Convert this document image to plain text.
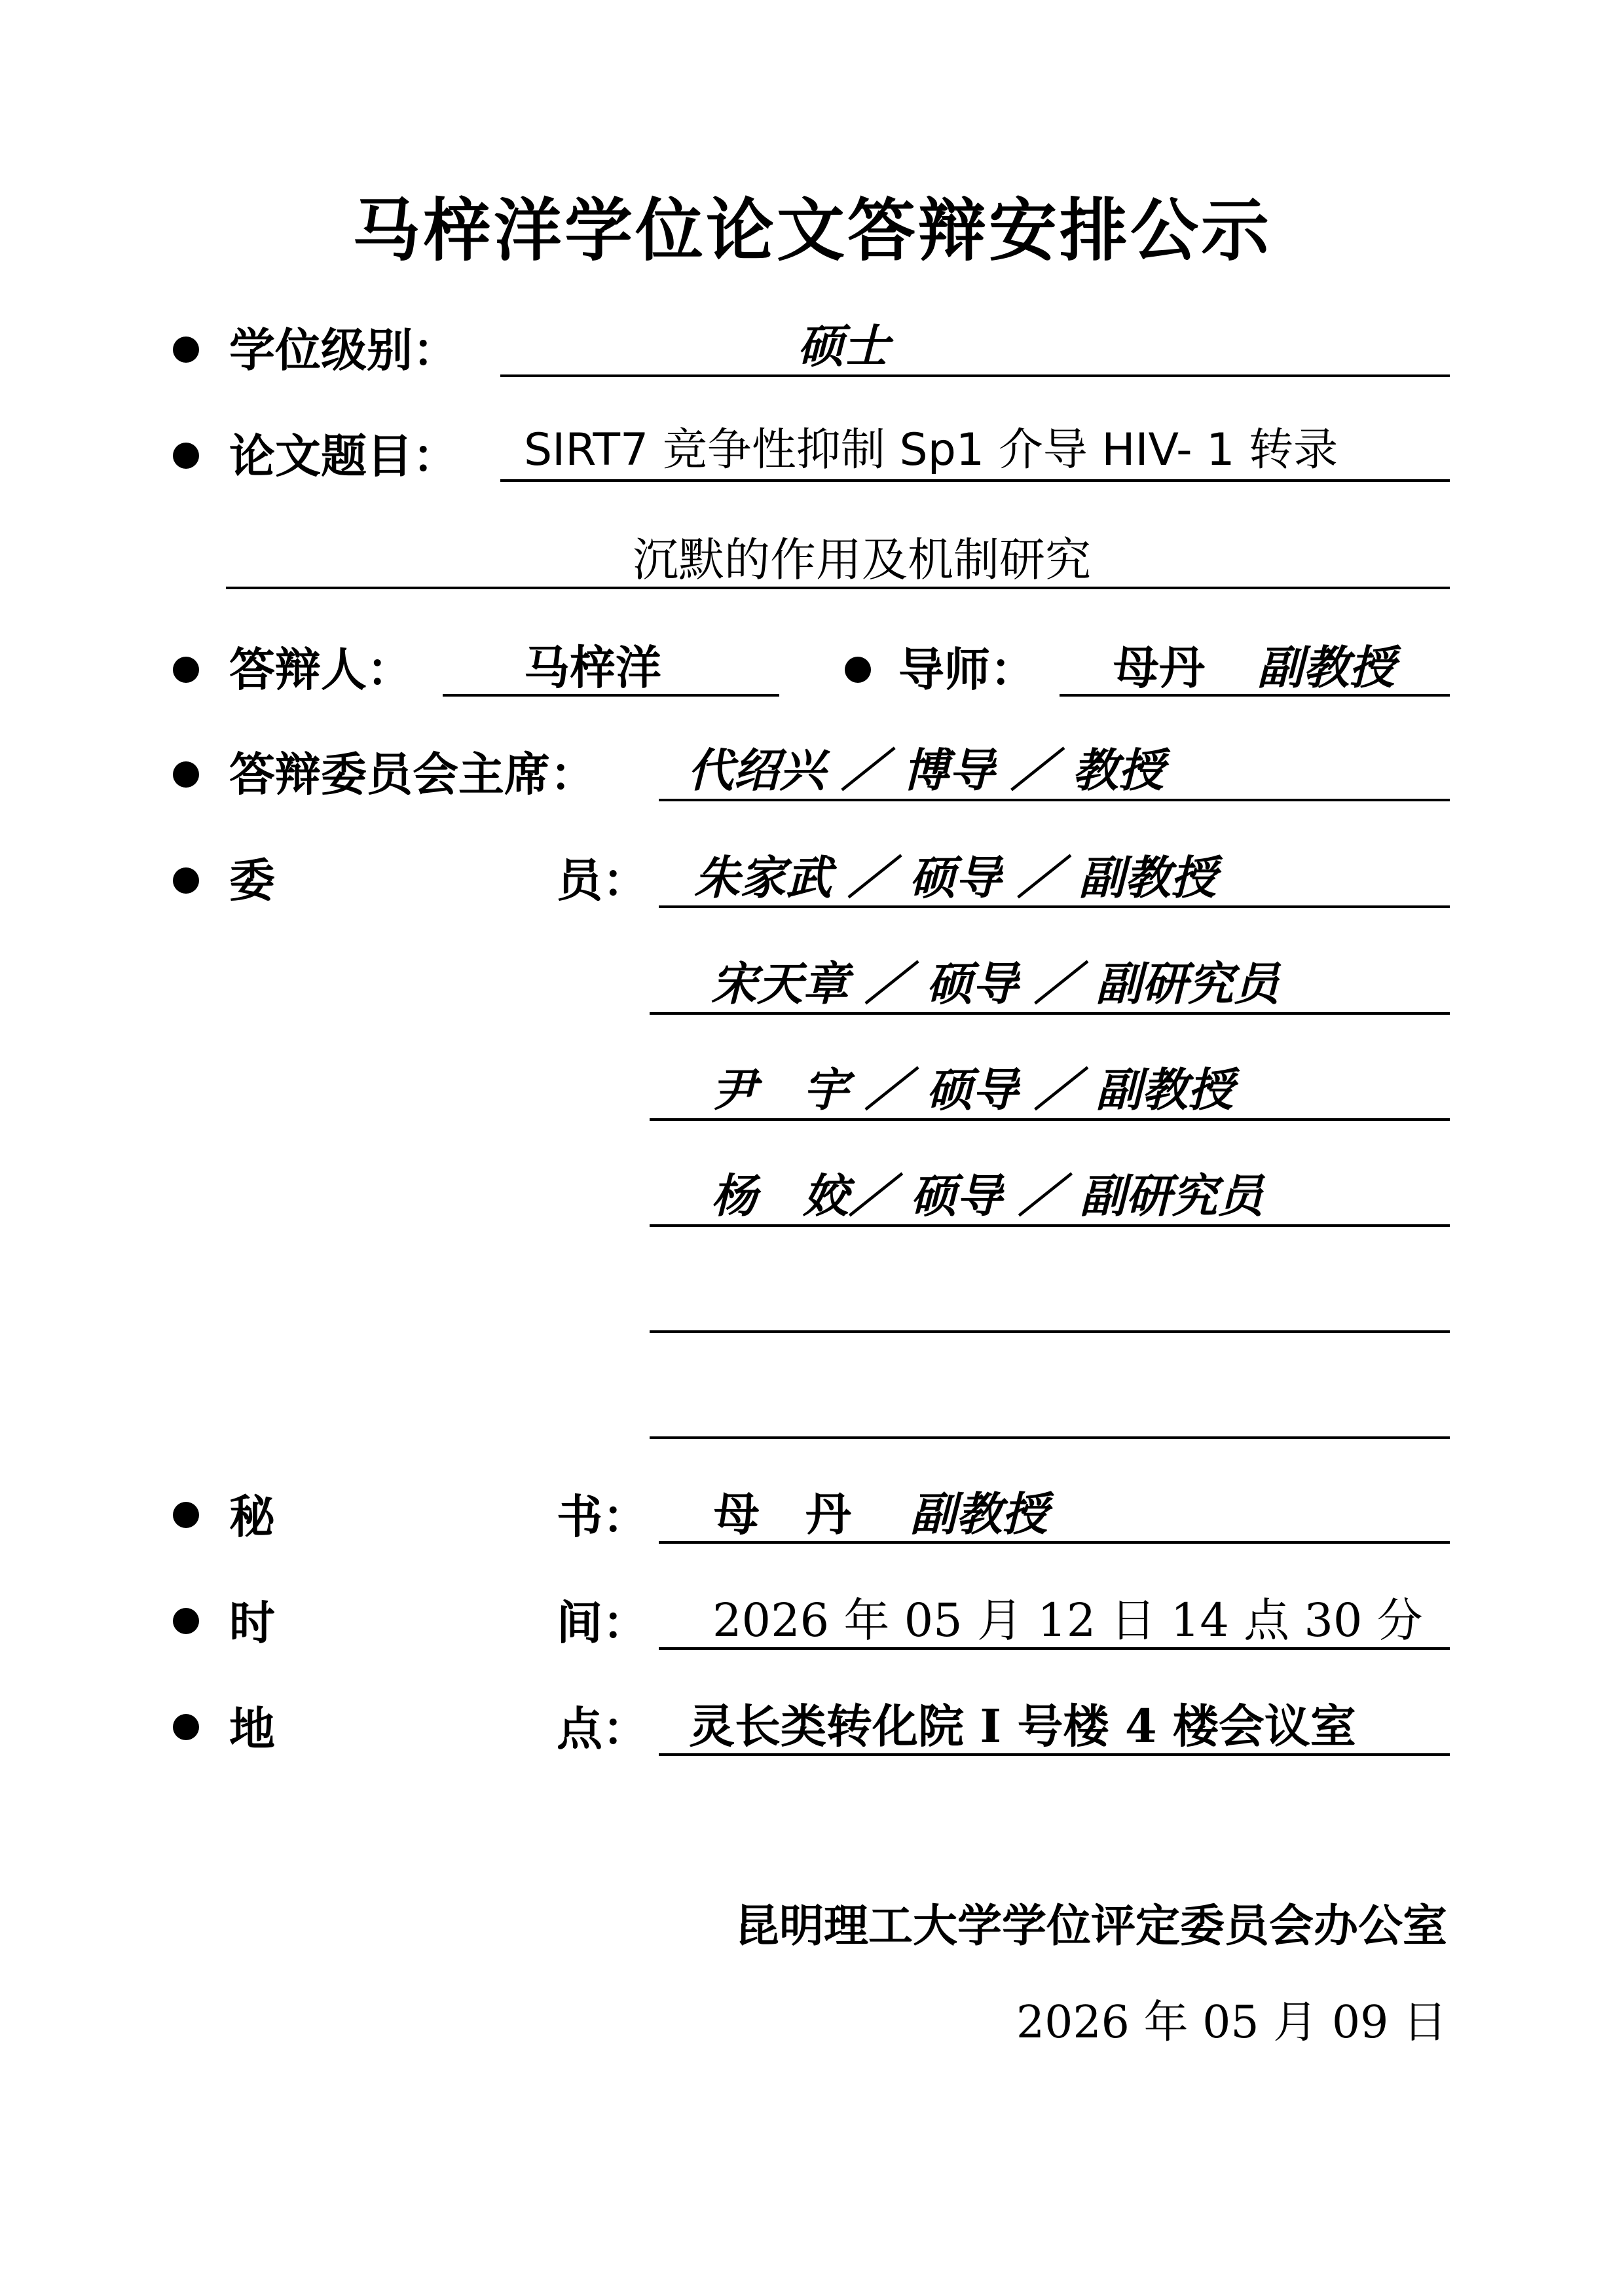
马梓洋学位论文答辩安排公示
学位级别：	硕士
论文题目： SIRT7 竞争性抑制 Sp1 介导 HIV- 1 转录
沉默的作用及机制研究
答辩人： 马梓洋	导师： 母丹 副教授
答辩委员会主席： 代绍兴 ／ 博导 ／ 教授
委	员： 朱家武 ／ 硕导 ／ 副教授
宋天章 ／ 硕导 ／ 副研究员
尹　宇 ／ 硕导 ／ 副教授
杨　姣／ 硕导 ／ 副研究员
秘	书： 母　丹 副教授
时	间： 2026 年 05 月 12 日 14 点 30 分
地	点： 灵长类转化院 I 号楼 4 楼会议室
昆明理工大学学位评定委员会办公室
2026 年 05 月 09 日
